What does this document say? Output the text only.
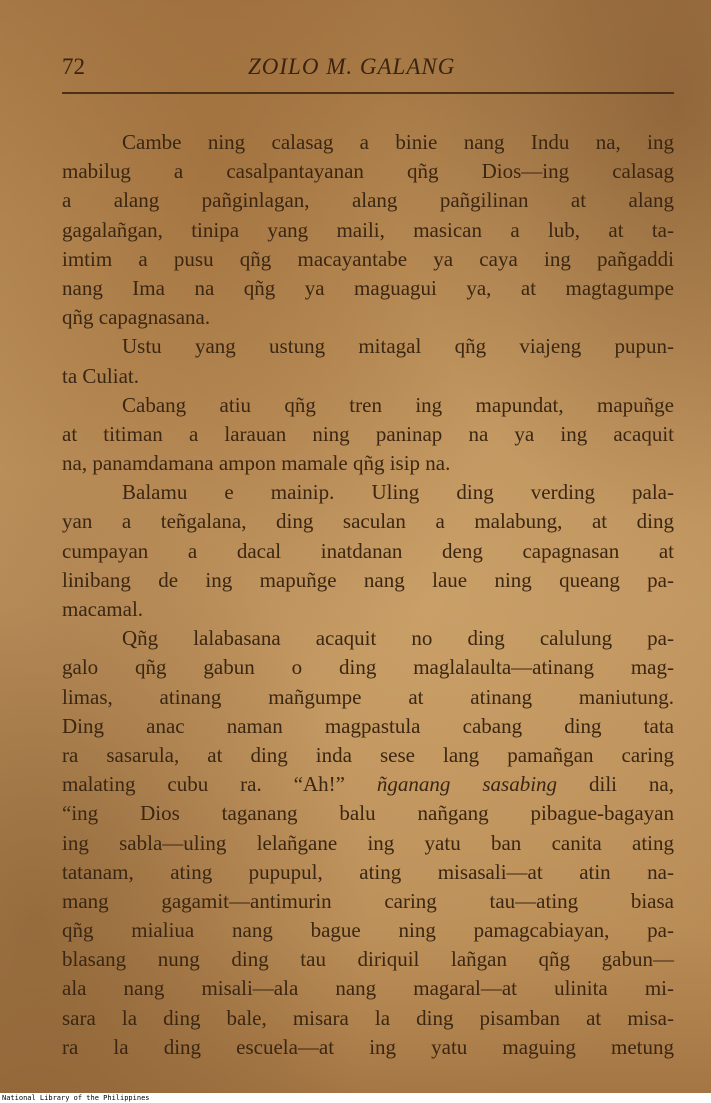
72	ZOILO M. GALANG
Cambe ning calasag a binie nang Indu na, ing
mabilug a casalpantayanan qñg Dios—ing calasag
a alang pañginlagan, alang pañgilinan at alang
gagalañgan, tinipa yang maili, masican a lub, at ta-
imtim a pusu qñg macayantabe ya caya ing pañgaddi
nang Ima na qñg ya maguagui ya, at magtagumpe
qñg capagnasana.
Ustu yang ustung mitagal qñg viajeng pupun-
ta Culiat.
Cabang atiu qñg tren ing mapundat, mapuñge
at titiman a larauan ning paninap na ya ing acaquit
na, panamdamana ampon mamale qñg isip na.
Balamu e mainip. Uling ding verding pala-
yan a teñgalana, ding saculan a malabung, at ding
cumpayan a dacal inatdanan deng capagnasan at
linibang de ing mapuñge nang laue ning queang pa-
macamal.
Qñg lalabasana acaquit no ding calulung pa-
galo qñg gabun o ding maglalaulta—atinang mag-
limas, atinang mañgumpe at atinang maniutung.
Ding anac naman magpastula cabang ding tata
ra sasarula, at ding inda sese lang pamañgan caring
malating cubu ra. “Ah!” ñganang sasabing dili na,
“ing Dios taganang balu nañgang pibague-bagayan
ing sabla—uling lelañgane ing yatu ban canita ating
tatanam, ating pupupul, ating misasali—at atin na-
mang gagamit—antimurin caring tau—ating biasa
qñg mialiua nang bague ning pamagcabiayan, pa-
blasang nung ding tau diriquil lañgan qñg gabun—
ala nang misali—ala nang magaral—at ulinita mi-
sara la ding bale, misara la ding pisamban at misa-
ra la ding escuela—at ing yatu maguing metung
National Library of the Philippines
